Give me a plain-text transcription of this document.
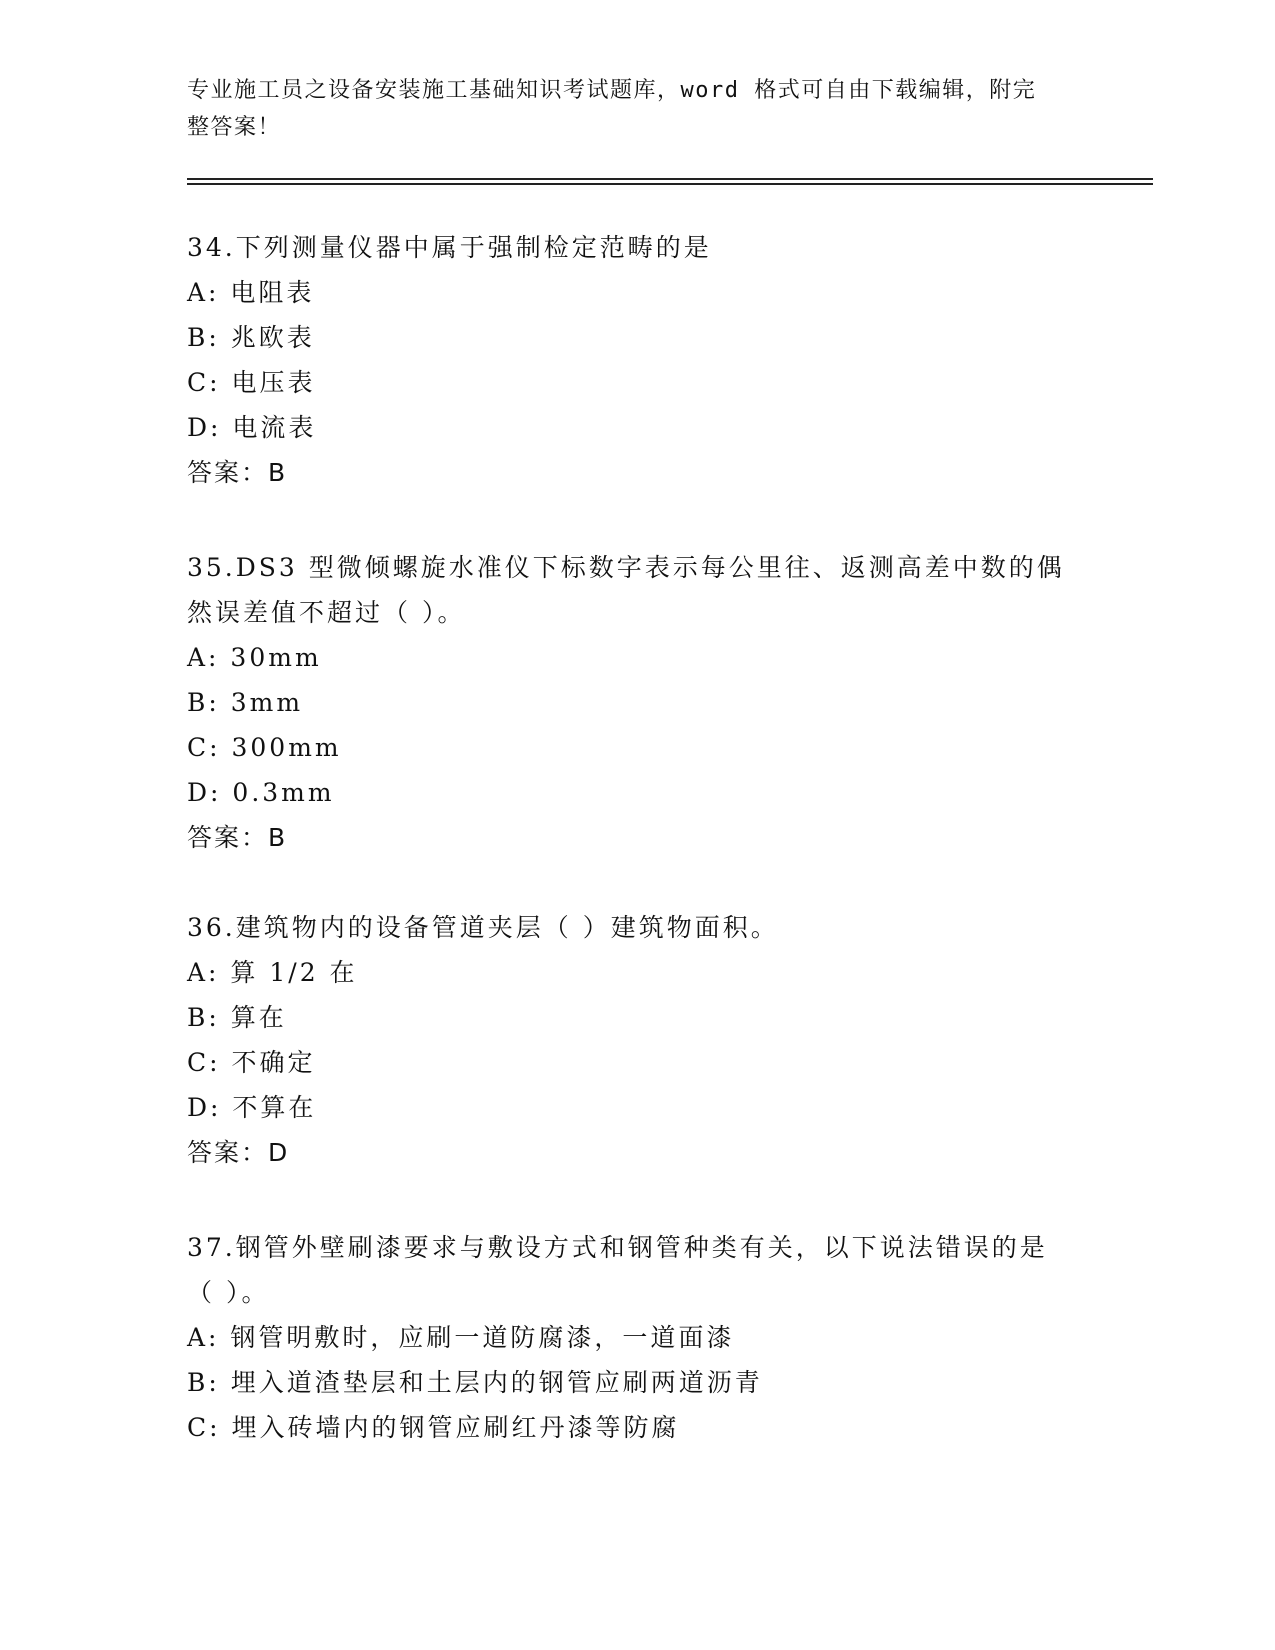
专业施工员之设备安装施工基础知识考试题库，word 格式可自由下载编辑，附完
整答案！
34.下列测量仪器中属于强制检定范畴的是
A: 电阻表
B: 兆欧表
C: 电压表
D: 电流表
答案：B
35.DS3 型微倾螺旋水准仪下标数字表示每公里往、返测高差中数的偶
然误差值不超过（ ）。
A: 30mm
B: 3mm
C: 300mm
D: 0.3mm
答案：B
36.建筑物内的设备管道夹层（ ）建筑物面积。
A: 算 1/2 在
B: 算在
C: 不确定
D: 不算在
答案：D
37.钢管外壁刷漆要求与敷设方式和钢管种类有关，以下说法错误的是
（ ）。
A: 钢管明敷时，应刷一道防腐漆，一道面漆
B: 埋入道渣垫层和土层内的钢管应刷两道沥青
C: 埋入砖墙内的钢管应刷红丹漆等防腐
